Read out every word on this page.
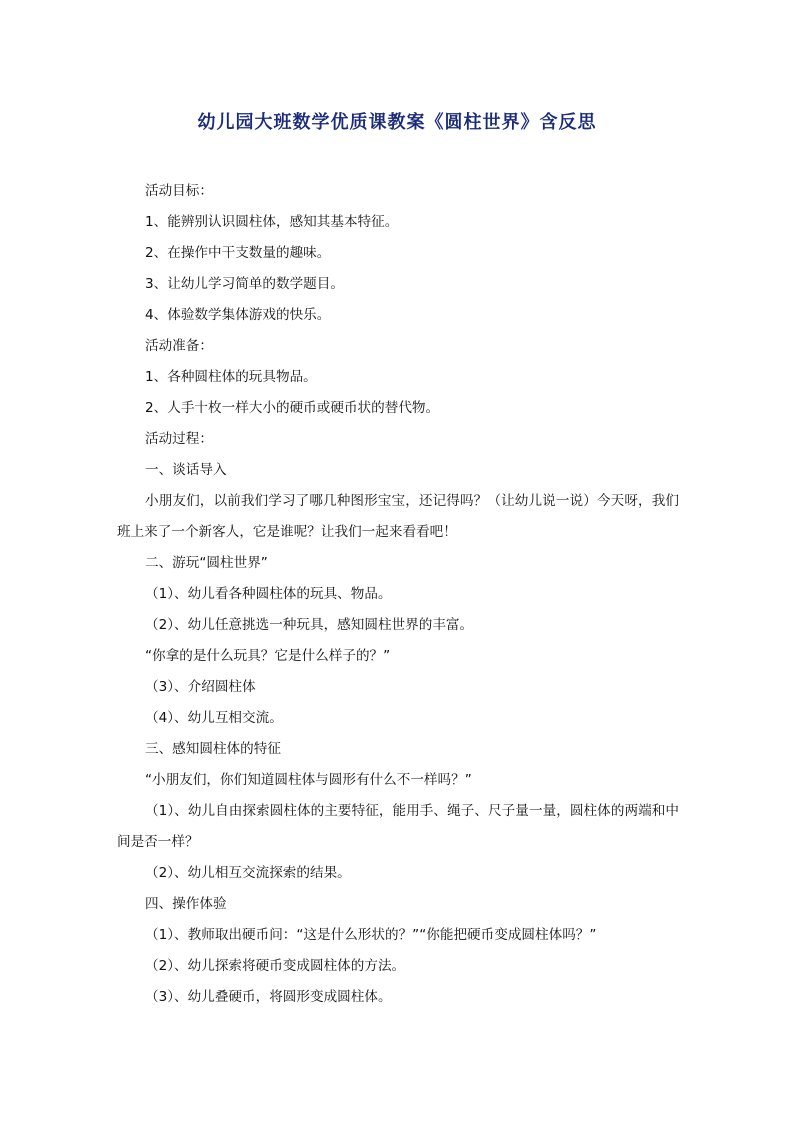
幼儿园大班数学优质课教案《圆柱世界》含反思

活动目标：

1、能辨别认识圆柱体，感知其基本特征。

2、在操作中干支数量的趣味。

3、让幼儿学习简单的数学题目。

4、体验数学集体游戏的快乐。

活动准备：

1、各种圆柱体的玩具物品。

2、人手十枚一样大小的硬币或硬币状的替代物。

活动过程：

一、谈话导入

小朋友们，以前我们学习了哪几种图形宝宝，还记得吗？（让幼儿说一说）今天呀，我们班上来了一个新客人，它是谁呢？让我们一起来看看吧！

二、游玩“圆柱世界”

（1）、幼儿看各种圆柱体的玩具、物品。

（2）、幼儿任意挑选一种玩具，感知圆柱世界的丰富。

“你拿的是什么玩具？它是什么样子的？”

（3）、介绍圆柱体

（4）、幼儿互相交流。

三、感知圆柱体的特征

“小朋友们，你们知道圆柱体与圆形有什么不一样吗？”

（1）、幼儿自由探索圆柱体的主要特征，能用手、绳子、尺子量一量，圆柱体的两端和中间是否一样？

（2）、幼儿相互交流探索的结果。

四、操作体验

（1）、教师取出硬币问：“这是什么形状的？”“你能把硬币变成圆柱体吗？”

（2）、幼儿探索将硬币变成圆柱体的方法。

（3）、幼儿叠硬币，将圆形变成圆柱体。
